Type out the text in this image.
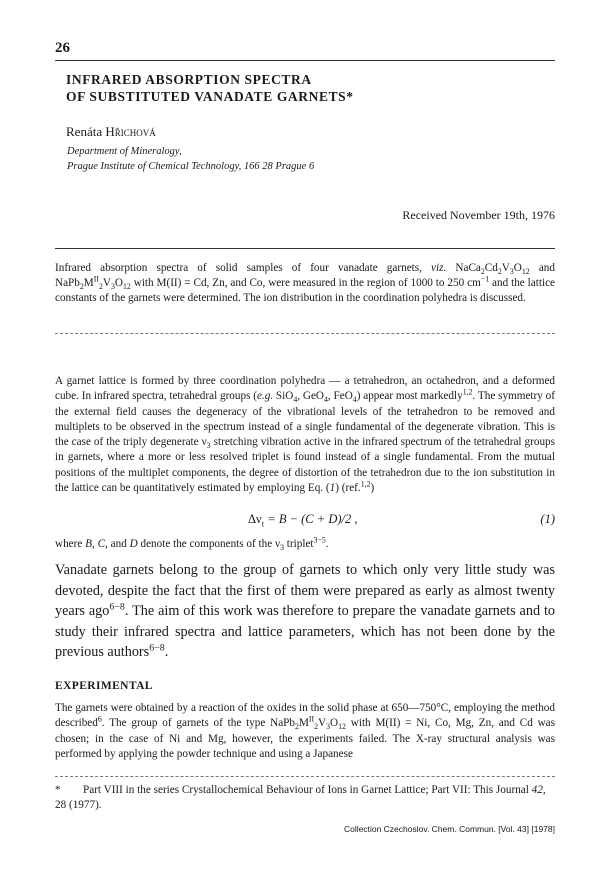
26
INFRARED ABSORPTION SPECTRA
OF SUBSTITUTED VANADATE GARNETS*
Renáta Hřichová
Department of Mineralogy,
Prague Institute of Chemical Technology, 166 28 Prague 6
Received November 19th, 1976

Infrared absorption spectra of solid samples of four vanadate garnets, viz. $NaCa_2Cd_2V_3O_{12}$ and $NaPb_2M^{II}_2V_3O_{12}$ with M(II) = Cd, Zn, and Co, were measured in the region of 1000 to 250 $cm^{-1}$ and the lattice constants of the garnets were determined. The ion distribution in the coordination polyhedra is discussed.

A garnet lattice is formed by three coordination polyhedra — a tetrahedron, an octahedron, and a deformed cube. In infrared spectra, tetrahedral groups (e.g. SiO$_4$, GeO$_4$, FeO$_4$) appear most markedly$^{1,2}$. The symmetry of the external field causes the degeneracy of the vibrational levels of the tetrahedron to be removed and multiplets to be observed in the spectrum instead of a single fundamental of the degenerate vibration. This is the case of the triply degenerate $\nu_3$ stretching vibration active in the infrared spectrum of the tetrahedral groups in garnets, where a more or less resolved triplet is found instead of a single fundamental. From the mutual positions of the multiplet components, the degree of distortion of the tetrahedron due to the ion substitution in the lattice can be quantitatively estimated by employing Eq. (1) (ref.$^{1,2}$)

$\Delta\nu_t = B - (C + D)/2$ ,	(1)
where B, C, and D denote the components of the $\nu_3$ triplet$^{3-5}$.

Vanadate garnets belong to the group of garnets to which only very little study was devoted, despite the fact that the first of them were prepared as early as almost twenty years ago$^{6-8}$. The aim of this work was therefore to prepare the vanadate garnets and to study their infrared spectra and lattice parameters, which has not been done by the previous authors$^{6-8}$.

EXPERIMENTAL

The garnets were obtained by a reaction of the oxides in the solid phase at 650—750°C, employing the method described$^6$. The group of garnets of the type $NaPb_2M^{II}_2V_3O_{12}$ with M(II) = Ni, Co, Mg, Zn, and Cd was chosen; in the case of Ni and Mg, however, the experiments failed. The X-ray structural analysis was performed by applying the powder technique and using a Japanese

* Part VIII in the series Crystallochemical Behaviour of Ions in Garnet Lattice; Part VII: This Journal 42, 28 (1977).

Collection Czechoslov. Chem. Commun. [Vol. 43] [1978]
